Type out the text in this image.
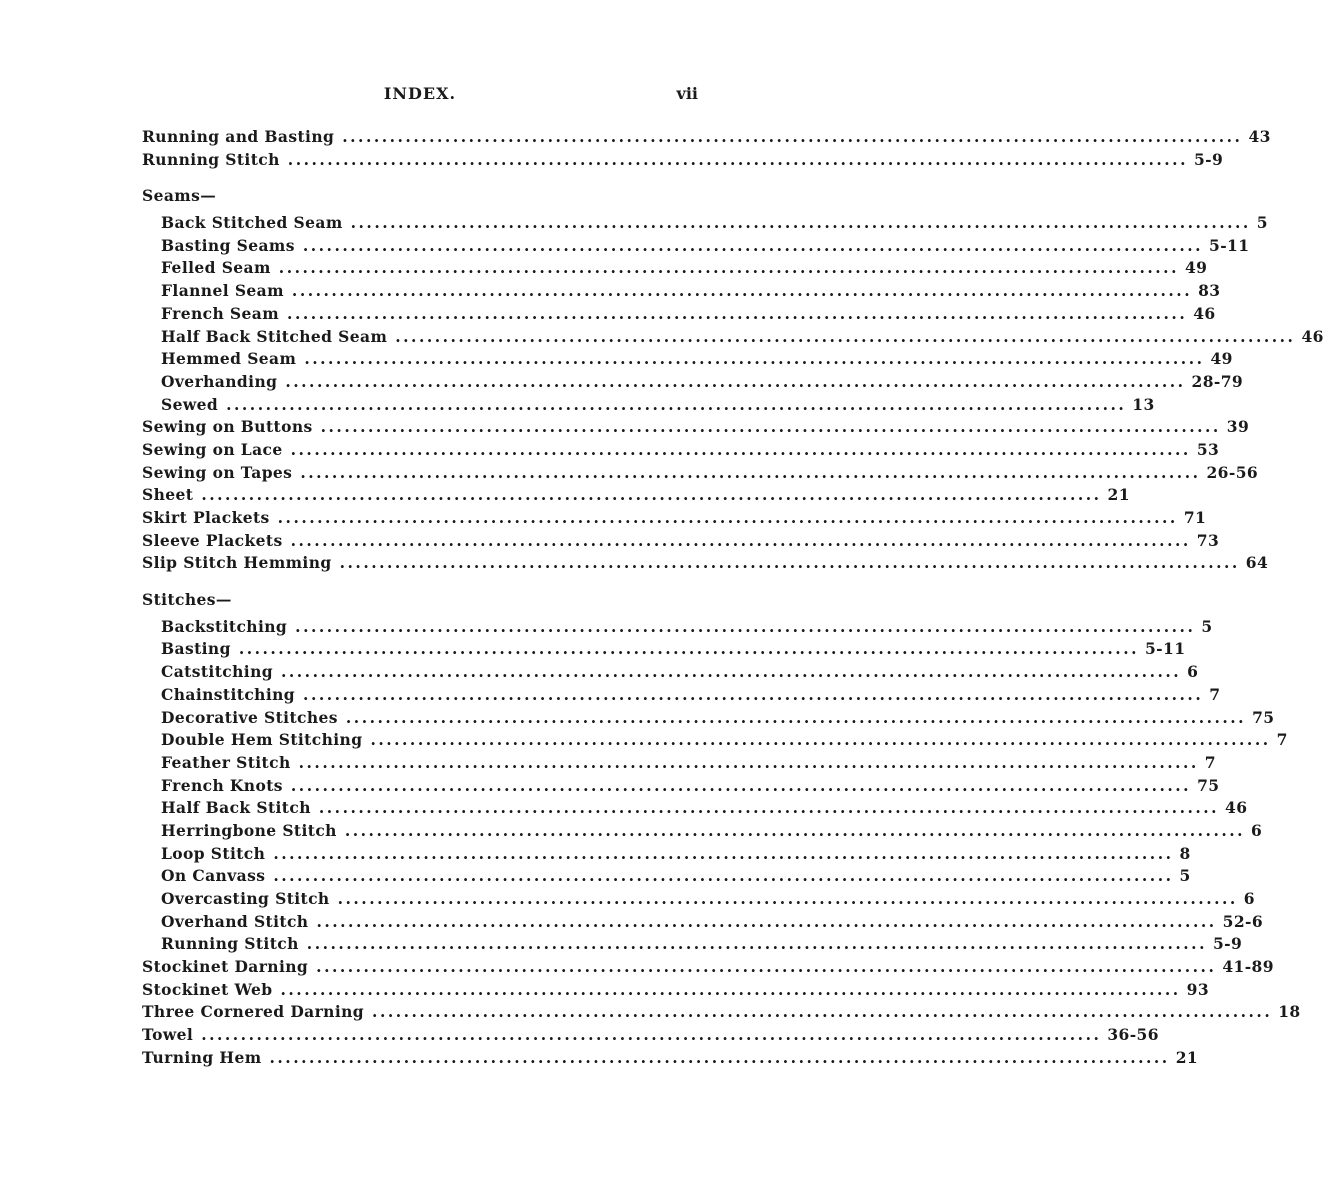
INDEX.	vii
Running and Basting .................................................................................................................. 43
Running Stitch .................................................................................................................. 5-9
Seams—
Back Stitched Seam .................................................................................................................. 5
Basting Seams .................................................................................................................. 5-11
Felled Seam .................................................................................................................. 49
Flannel Seam .................................................................................................................. 83
French Seam .................................................................................................................. 46
Half Back Stitched Seam .................................................................................................................. 46
Hemmed Seam .................................................................................................................. 49
Overhanding .................................................................................................................. 28-79
Sewed .................................................................................................................. 13
Sewing on Buttons .................................................................................................................. 39
Sewing on Lace .................................................................................................................. 53
Sewing on Tapes .................................................................................................................. 26-56
Sheet .................................................................................................................. 21
Skirt Plackets .................................................................................................................. 71
Sleeve Plackets .................................................................................................................. 73
Slip Stitch Hemming .................................................................................................................. 64
Stitches—
Backstitching .................................................................................................................. 5
Basting .................................................................................................................. 5-11
Catstitching .................................................................................................................. 6
Chainstitching .................................................................................................................. 7
Decorative Stitches .................................................................................................................. 75
Double Hem Stitching .................................................................................................................. 7
Feather Stitch .................................................................................................................. 7
French Knots .................................................................................................................. 75
Half Back Stitch .................................................................................................................. 46
Herringbone Stitch .................................................................................................................. 6
Loop Stitch .................................................................................................................. 8
On Canvass .................................................................................................................. 5
Overcasting Stitch .................................................................................................................. 6
Overhand Stitch .................................................................................................................. 52-6
Running Stitch .................................................................................................................. 5-9
Stockinet Darning .................................................................................................................. 41-89
Stockinet Web .................................................................................................................. 93
Three Cornered Darning .................................................................................................................. 18
Towel .................................................................................................................. 36-56
Turning Hem .................................................................................................................. 21
